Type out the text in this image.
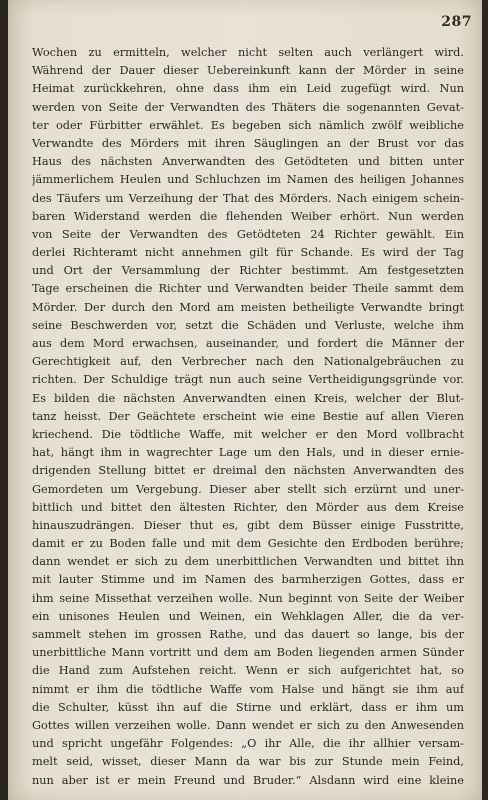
287
Wochen zu ermitteln, welcher nicht selten auch verlängert wird.
Während der Dauer dieser Uebereinkunft kann der Mörder in seine
Heimat zurückkehren, ohne dass ihm ein Leid zugefügt wird. Nun
werden von Seite der Verwandten des Thäters die sogenannten Gevat-
ter oder Fürbitter erwählet. Es begeben sich nämlich zwölf weibliche
Verwandte des Mörders mit ihren Säuglingen an der Brust vor das
Haus des nächsten Anverwandten des Getödteten und bitten unter
jämmerlichem Heulen und Schluchzen im Namen des heiligen Johannes
des Täufers um Verzeihung der That des Mörders. Nach einigem schein-
baren Widerstand werden die flehenden Weiber erhört. Nun werden
von Seite der Verwandten des Getödteten 24 Richter gewählt. Ein
derlei Richteramt nicht annehmen gilt für Schande. Es wird der Tag
und Ort der Versammlung der Richter bestimmt. Am festgesetzten
Tage erscheinen die Richter und Verwandten beider Theile sammt dem
Mörder. Der durch den Mord am meisten betheiligte Verwandte bringt
seine Beschwerden vor, setzt die Schäden und Verluste, welche ihm
aus dem Mord erwachsen, auseinander, und fordert die Männer der
Gerechtigkeit auf, den Verbrecher nach den Nationalgebräuchen zu
richten. Der Schuldige trägt nun auch seine Vertheidigungsgründe vor.
Es bilden die nächsten Anverwandten einen Kreis, welcher der Blut-
tanz heisst. Der Geächtete erscheint wie eine Bestie auf allen Vieren
kriechend. Die tödtliche Waffe, mit welcher er den Mord vollbracht
hat, hängt ihm in wagrechter Lage um den Hals, und in dieser ernie-
drigenden Stellung bittet er dreimal den nächsten Anverwandten des
Gemordeten um Vergebung. Dieser aber stellt sich erzürnt und uner-
bittlich und bittet den ältesten Richter, den Mörder aus dem Kreise
hinauszudrängen. Dieser thut es, gibt dem Büsser einige Fusstritte,
damit er zu Boden falle und mit dem Gesichte den Erdboden berühre;
dann wendet er sich zu dem unerbittlichen Verwandten und bittet ihn
mit lauter Stimme und im Namen des barmherzigen Gottes, dass er
ihm seine Missethat verzeihen wolle. Nun beginnt von Seite der Weiber
ein unisones Heulen und Weinen, ein Wehklagen Aller, die da ver-
sammelt stehen im grossen Rathe, und das dauert so lange, bis der
unerbittliche Mann vortritt und dem am Boden liegenden armen Sünder
die Hand zum Aufstehen reicht. Wenn er sich aufgerichtet hat, so
nimmt er ihm die tödtliche Waffe vom Halse und hängt sie ihm auf
die Schulter, küsst ihn auf die Stirne und erklärt, dass er ihm um
Gottes willen verzeihen wolle. Dann wendet er sich zu den Anwesenden
und spricht ungefähr Folgendes: „O ihr Alle, die ihr allhier versam-
melt seid, wisset, dieser Mann da war bis zur Stunde mein Feind,
nun aber ist er mein Freund und Bruder.“ Alsdann wird eine kleine
